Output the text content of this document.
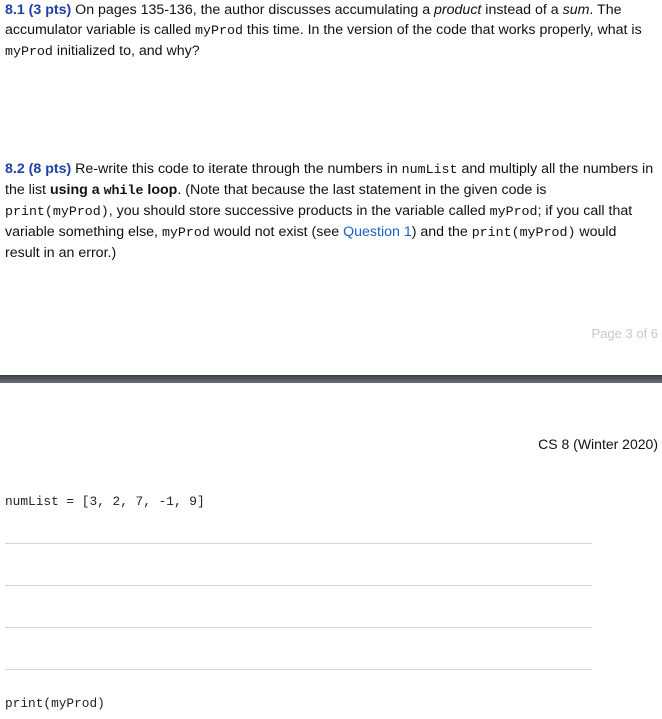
8.1 (3 pts) On pages 135-136, the author discusses accumulating a product instead of a sum. The accumulator variable is called myProd this time. In the version of the code that works properly, what is myProd initialized to, and why?

8.2 (8 pts) Re-write this code to iterate through the numbers in numList and multiply all the numbers in the list using a while loop. (Note that because the last statement in the given code is print(myProd), you should store successive products in the variable called myProd; if you call that variable something else, myProd would not exist (see Question 1) and the print(myProd) would result in an error.)

Page 3 of 6
CS 8 (Winter 2020)
numList = [3, 2, 7, -1, 9]
print(myProd)
